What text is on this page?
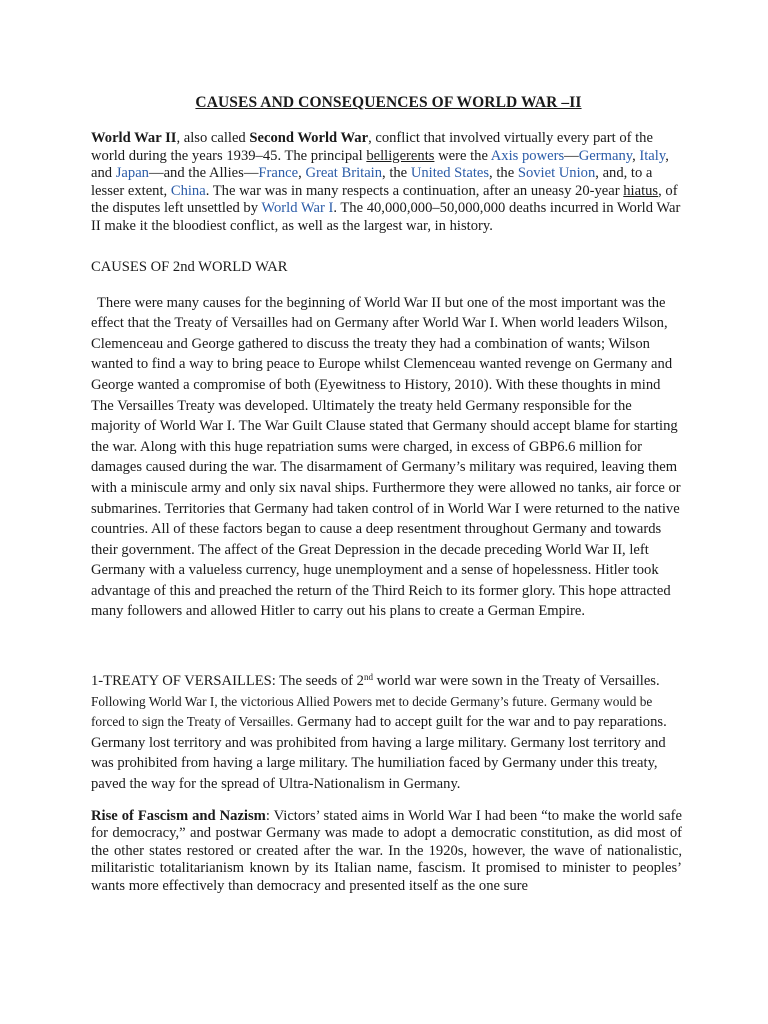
CAUSES AND CONSEQUENCES OF WORLD WAR –II

World War II, also called Second World War, conflict that involved virtually every part of the world during the years 1939–45. The principal belligerents were the Axis powers—Germany, Italy, and Japan—and the Allies—France, Great Britain, the United States, the Soviet Union, and, to a lesser extent, China. The war was in many respects a continuation, after an uneasy 20-year hiatus, of the disputes left unsettled by World War I. The 40,000,000–50,000,000 deaths incurred in World War II make it the bloodiest conflict, as well as the largest war, in history.

CAUSES OF 2nd WORLD WAR

There were many causes for the beginning of World War II but one of the most important was the effect that the Treaty of Versailles had on Germany after World War I. When world leaders Wilson, Clemenceau and George gathered to discuss the treaty they had a combination of wants; Wilson wanted to find a way to bring peace to Europe whilst Clemenceau wanted revenge on Germany and George wanted a compromise of both (Eyewitness to History, 2010). With these thoughts in mind The Versailles Treaty was developed. Ultimately the treaty held Germany responsible for the majority of World War I. The War Guilt Clause stated that Germany should accept blame for starting the war. Along with this huge repatriation sums were charged, in excess of GBP6.6 million for damages caused during the war. The disarmament of Germany’s military was required, leaving them with a miniscule army and only six naval ships. Furthermore they were allowed no tanks, air force or submarines. Territories that Germany had taken control of in World War I were returned to the native countries. All of these factors began to cause a deep resentment throughout Germany and towards their government. The affect of the Great Depression in the decade preceding World War II, left Germany with a valueless currency, huge unemployment and a sense of hopelessness. Hitler took advantage of this and preached the return of the Third Reich to its former glory. This hope attracted many followers and allowed Hitler to carry out his plans to create a German Empire.

1-TREATY OF VERSAILLES: The seeds of 2nd world war were sown in the Treaty of Versailles. Following World War I, the victorious Allied Powers met to decide Germany’s future. Germany would be forced to sign the Treaty of Versailles. Germany had to accept guilt for the war and to pay reparations. Germany lost territory and was prohibited from having a large military. Germany lost territory and was prohibited from having a large military. The humiliation faced by Germany under this treaty, paved the way for the spread of Ultra-Nationalism in Germany.

Rise of Fascism and Nazism: Victors’ stated aims in World War I had been “to make the world safe for democracy,” and postwar Germany was made to adopt a democratic constitution, as did most of the other states restored or created after the war. In the 1920s, however, the wave of nationalistic, militaristic totalitarianism known by its Italian name, fascism. It promised to minister to peoples’ wants more effectively than democracy and presented itself as the one sure
